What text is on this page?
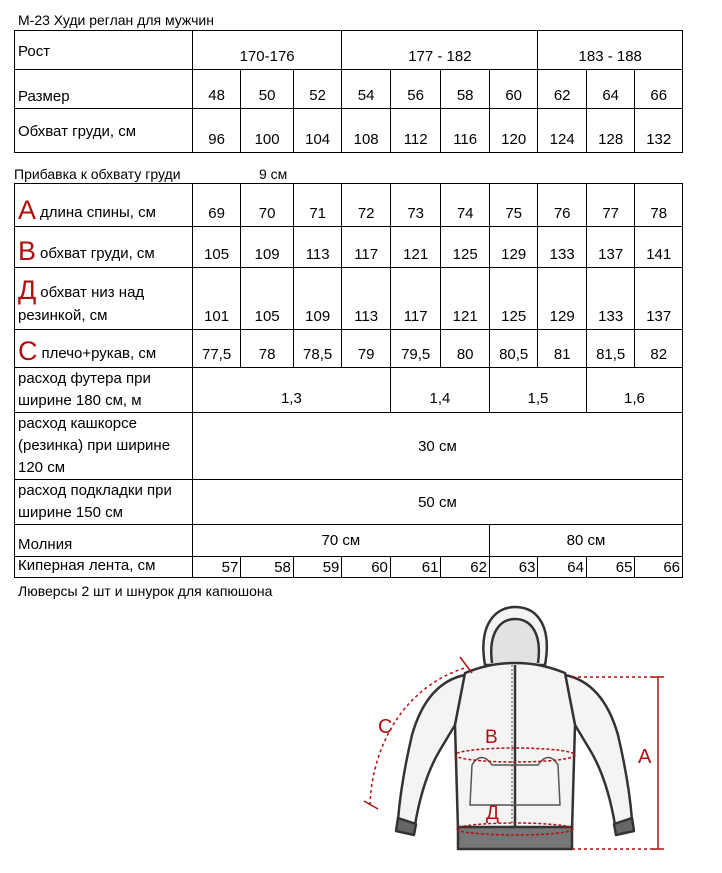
М-23 Худи реглан для мужчин
Рост	170-176			177 - 182				183 - 188		
Размер	48	50	52	54	56	58	60	62	64	66
Обхват груди, см	96	100	104	108	112	116	120	124	128	132
Прибавка к обхвату груди	9 см
А длина спины, см	69	70	71	72	73	74	75	76	77	78
В обхват груди, см	105	109	113	117	121	125	129	133	137	141

Добхват низ над
резинкой, см	101	105	109	113	117	121	125	129	133	137
С плечо+рукав, см	77,5	78	78,5	79	79,5	80	80,5	81	81,5	82
расход футера при ширине 180 см, м	1,3				1,4		1,5		1,6	
расход кашкорсе (резинка) при ширине 120 см	30 см									
расход подкладки при ширине 150 см	50 см									
Молния	70 см						80 см			
Киперная лента, см	57	58	59	60	61	62	63	64	65	66
Люверсы 2 шт и шнурок для капюшона
А
В
С
Д
